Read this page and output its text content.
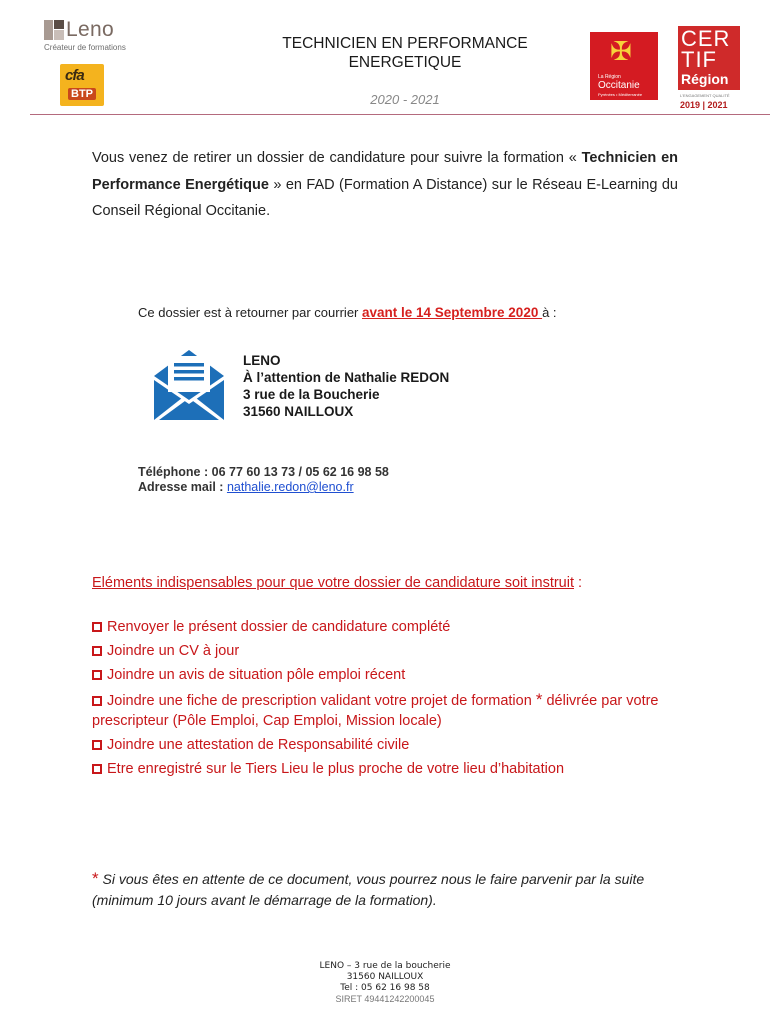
Leno
Créateur de formations
cfa
BTP
TECHNICIEN EN PERFORMANCE
ENERGETIQUE
2020 - 2021
✠
La Région
Occitanie
Pyrénées • Méditerranée
CER
TIF
Région
L'ENGAGEMENT QUALITÉ
2019 | 2021

Vous venez de retirer un dossier de candidature pour suivre la formation « Technicien en Performance Energétique » en FAD (Formation A Distance) sur le Réseau E-Learning du Conseil Régional Occitanie.

Ce dossier est à retourner par courrier avant le 14 Septembre 2020 à :
LENO
À l’attention de Nathalie REDON
3 rue de la Boucherie
31560 NAILLOUX
Téléphone : 06 77 60 13 73 / 05 62 16 98 58
Adresse mail : nathalie.redon@leno.fr
Eléments indispensables pour que votre dossier de candidature soit instruit :
Renvoyer le présent dossier de candidature complété
Joindre un CV à jour
Joindre un avis de situation pôle emploi récent
Joindre une fiche de prescription validant votre projet de formation * délivrée par votre prescripteur (Pôle Emploi, Cap Emploi, Mission locale)
Joindre une attestation de Responsabilité civile
Etre enregistré sur le Tiers Lieu le plus proche de votre lieu d’habitation

* Si vous êtes en attente de ce document, vous pourrez nous le faire parvenir par la suite (minimum 10 jours avant le démarrage de la formation).

LENO – 3 rue de la boucherie
31560 NAILLOUX
Tel : 05 62 16 98 58
SIRET 49441242200045
